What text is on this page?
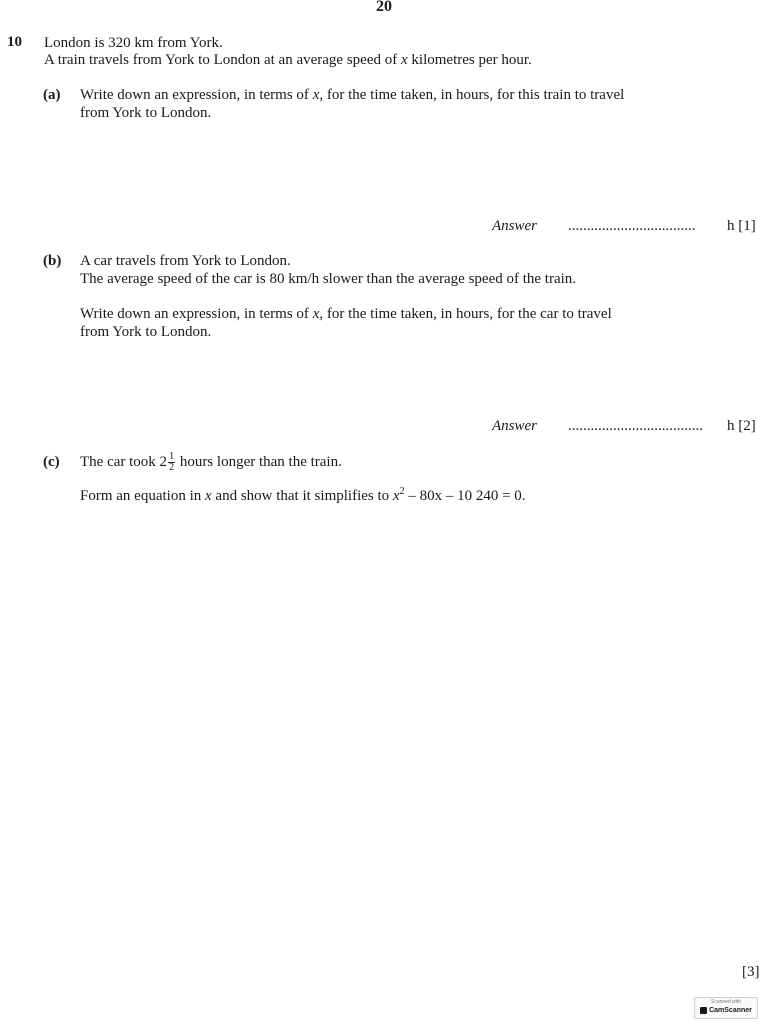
20
10 London is 320 km from York.
A train travels from York to London at an average speed of x kilometres per hour.
(a) Write down an expression, in terms of x, for the time taken, in hours, for this train to travel
from York to London.
Answer .................................. h [1]
(b) A car travels from York to London.
The average speed of the car is 80 km/h slower than the average speed of the train.
Write down an expression, in terms of x, for the time taken, in hours, for the car to travel
from York to London.
Answer .................................... h [2]
(c) The car took $2 \frac{1}{2}$ hours longer than the train.
Form an equation in x and show that it simplifies to $x^2 - 80x - 10$ 240 = 0.
[3]
Scanned with
CamScanner
